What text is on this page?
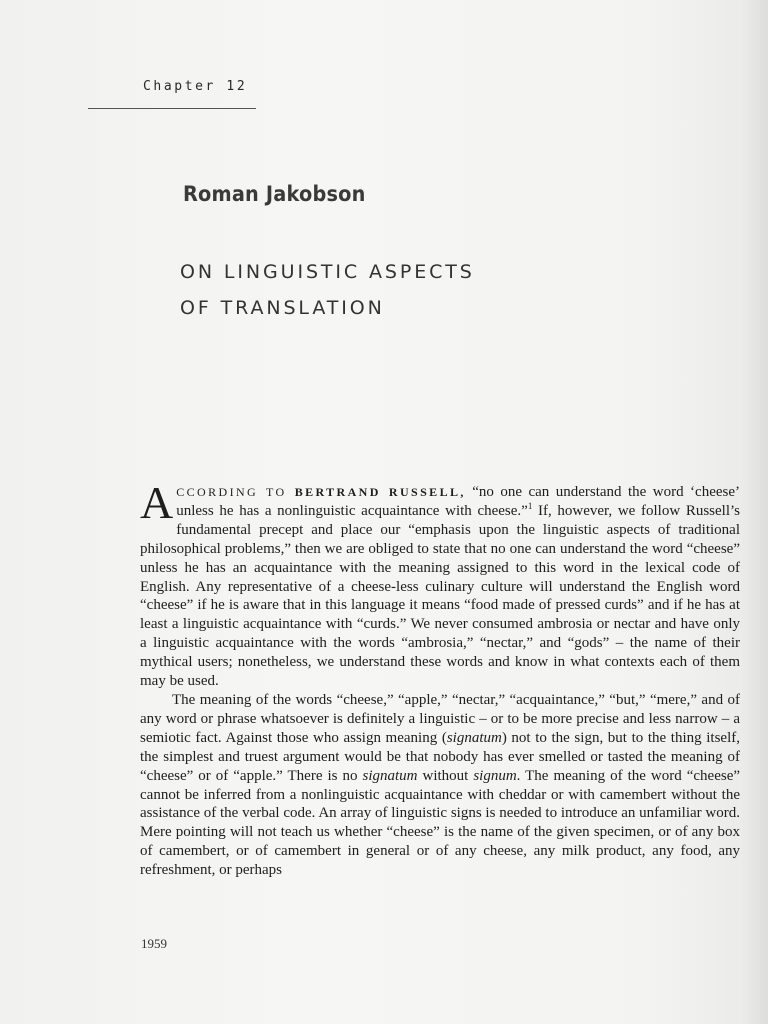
Chapter 12
Roman Jakobson
ON LINGUISTIC ASPECTS
OF TRANSLATION

ACCORDING TO BERTRAND RUSSELL, “no one can understand the word ‘cheese’ unless he has a nonlinguistic acquaintance with cheese.”$^1$ If, however, we follow Russell’s fundamental precept and place our “emphasis upon the linguistic aspects of traditional philosophical problems,” then we are obliged to state that no one can understand the word “cheese” unless he has an acquaintance with the meaning assigned to this word in the lexical code of English. Any representative of a cheese-less culinary culture will understand the English word “cheese” if he is aware that in this language it means “food made of pressed curds” and if he has at least a linguistic acquaintance with “curds.” We never consumed ambrosia or nectar and have only a linguistic acquaintance with the words “ambrosia,” “nectar,” and “gods” – the name of their mythical users; nonetheless, we understand these words and know in what contexts each of them may be used.

The meaning of the words “cheese,” “apple,” “nectar,” “acquaintance,” “but,” “mere,” and of any word or phrase whatsoever is definitely a linguistic – or to be more precise and less narrow – a semiotic fact. Against those who assign meaning (signatum) not to the sign, but to the thing itself, the simplest and truest argument would be that nobody has ever smelled or tasted the meaning of “cheese” or of “apple.” There is no signatum without signum. The meaning of the word “cheese” cannot be inferred from a nonlinguistic acquaintance with cheddar or with camembert without the assistance of the verbal code. An array of linguistic signs is needed to introduce an unfamiliar word. Mere pointing will not teach us whether “cheese” is the name of the given specimen, or of any box of camembert, or of camembert in general or of any cheese, any milk product, any food, any refreshment, or perhaps

1959
